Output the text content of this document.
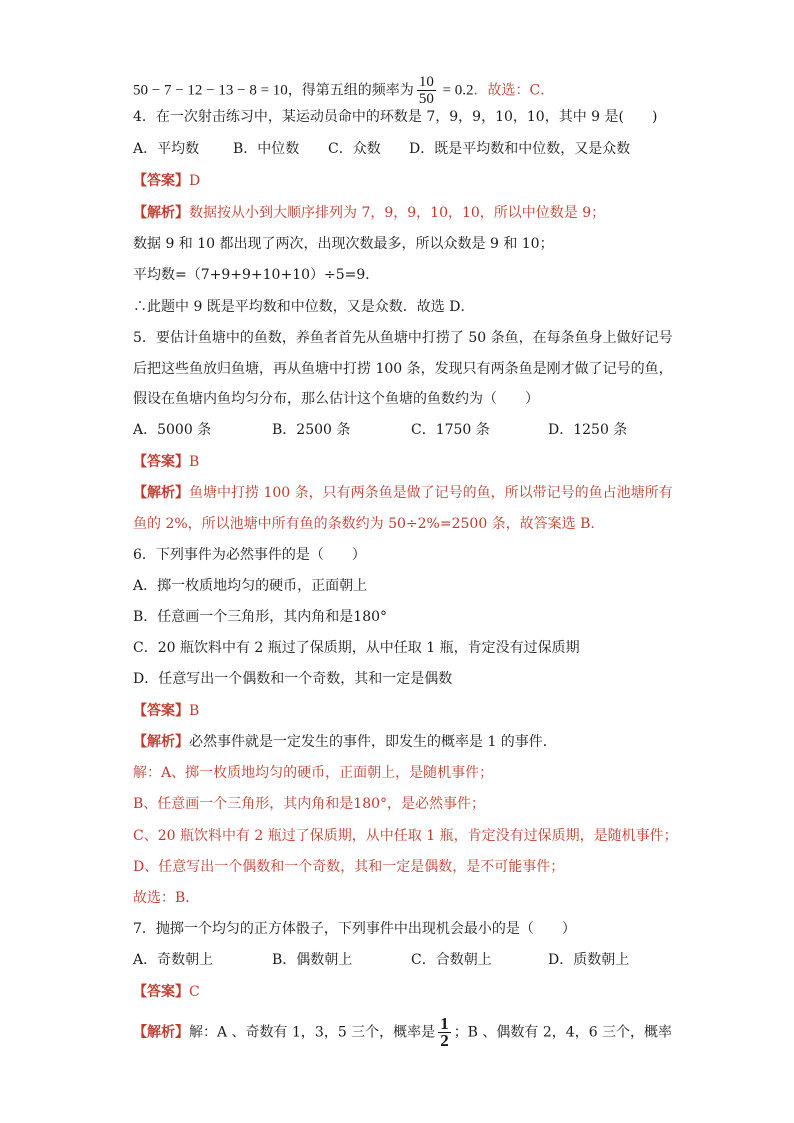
50 − 7 − 12 − 13 − 8 = 10，得第五组的频率为 $\frac{10}{50} = 0.2$．故选：C．
4．在一次射击练习中，某运动员命中的环数是 7，9，9，10，10，其中 9 是(　　)
A．平均数 B．中位数 C．众数 D．既是平均数和中位数，又是众数
【答案】D
【解析】数据按从小到大顺序排列为 7，9，9，10，10，所以中位数是 9；
数据 9 和 10 都出现了两次，出现次数最多，所以众数是 9 和 10；
平均数=（7+9+9+10+10）÷5=9．
∴此题中 9 既是平均数和中位数，又是众数．故选 D．
5．要估计鱼塘中的鱼数，养鱼者首先从鱼塘中打捞了 50 条鱼，在每条鱼身上做好记号
后把这些鱼放归鱼塘，再从鱼塘中打捞 100 条，发现只有两条鱼是刚才做了记号的鱼，
假设在鱼塘内鱼均匀分布，那么估计这个鱼塘的鱼数约为（　　）
A．5000 条	B．2500 条	C．1750 条	D．1250 条
【答案】B
【解析】鱼塘中打捞 100 条，只有两条鱼是做了记号的鱼，所以带记号的鱼占池塘所有
鱼的 2%，所以池塘中所有鱼的条数约为 50÷2%=2500 条，故答案选 B.
6．下列事件为必然事件的是（　　）
A．掷一枚质地均匀的硬币，正面朝上
B．任意画一个三角形，其内角和是180°
C．20 瓶饮料中有 2 瓶过了保质期，从中任取 1 瓶，肯定没有过保质期
D．任意写出一个偶数和一个奇数，其和一定是偶数
【答案】B
【解析】必然事件就是一定发生的事件，即发生的概率是 1 的事件．
解：A、掷一枚质地均匀的硬币，正面朝上，是随机事件；
B、任意画一个三角形，其内角和是180°，是必然事件；
C、20 瓶饮料中有 2 瓶过了保质期，从中任取 1 瓶，肯定没有过保质期，是随机事件；
D、任意写出一个偶数和一个奇数，其和一定是偶数，是不可能事件；
故选：B．
7．抛掷一个均匀的正方体骰子，下列事件中出现机会最小的是（　　）
A．奇数朝上	B．偶数朝上	C．合数朝上	D．质数朝上
【答案】C
【解析】解：A 、奇数有 1，3，5 三个，概率是 $\frac{1}{2}$ ；B 、偶数有 2，4，6 三个，概率
